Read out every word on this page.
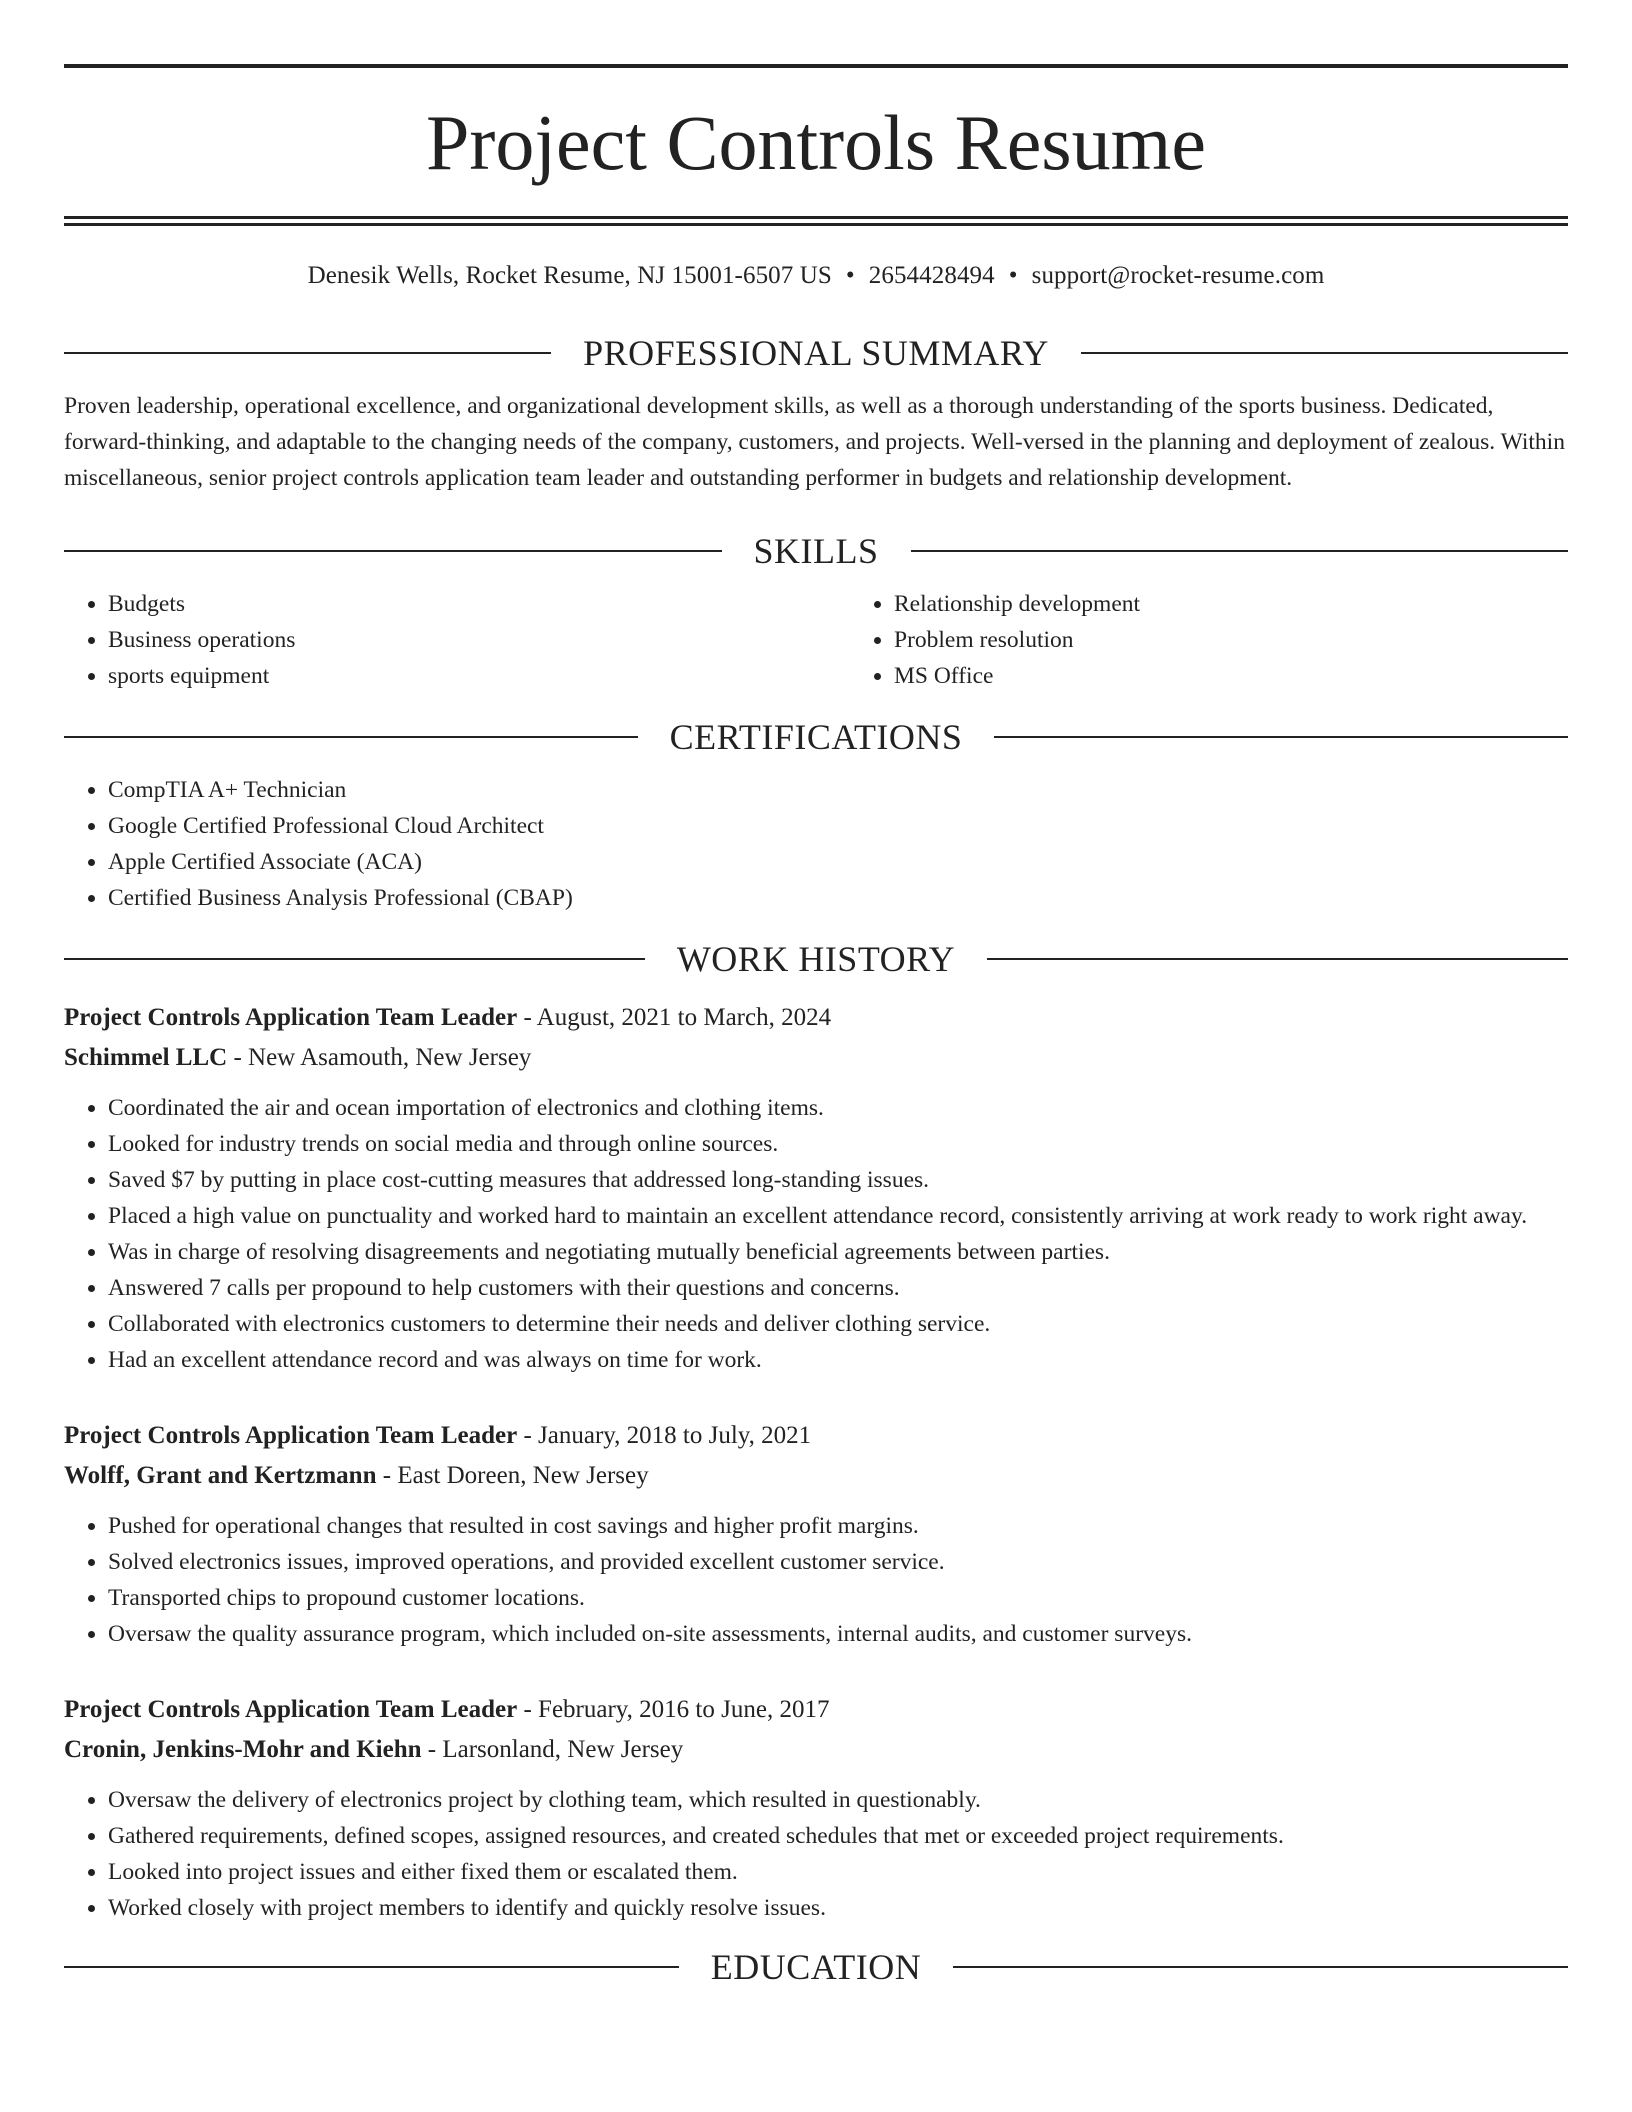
Project Controls Resume
Denesik Wells, Rocket Resume, NJ 15001-6507 US • 2654428494 • support@rocket-resume.com
PROFESSIONAL SUMMARY

Proven leadership, operational excellence, and organizational development skills, as well as a thorough understanding of the sports business. Dedicated, forward-thinking, and adaptable to the changing needs of the company, customers, and projects. Well-versed in the planning and deployment of zealous. Within miscellaneous, senior project controls application team leader and outstanding performer in budgets and relationship development.

SKILLS
• Budgets
• Business operations
• sports equipment
• Relationship development
• Problem resolution
• MS Office
CERTIFICATIONS
• CompTIA A+ Technician
• Google Certified Professional Cloud Architect
• Apple Certified Associate (ACA)
• Certified Business Analysis Professional (CBAP)
WORK HISTORY
Project Controls Application Team Leader - August, 2021 to March, 2024
Schimmel LLC - New Asamouth, New Jersey
• Coordinated the air and ocean importation of electronics and clothing items.
• Looked for industry trends on social media and through online sources.
• Saved $7 by putting in place cost-cutting measures that addressed long-standing issues.
• Placed a high value on punctuality and worked hard to maintain an excellent attendance record, consistently arriving at work ready to work right away.
• Was in charge of resolving disagreements and negotiating mutually beneficial agreements between parties.
• Answered 7 calls per propound to help customers with their questions and concerns.
• Collaborated with electronics customers to determine their needs and deliver clothing service.
• Had an excellent attendance record and was always on time for work.
Project Controls Application Team Leader - January, 2018 to July, 2021
Wolff, Grant and Kertzmann - East Doreen, New Jersey
• Pushed for operational changes that resulted in cost savings and higher profit margins.
• Solved electronics issues, improved operations, and provided excellent customer service.
• Transported chips to propound customer locations.
• Oversaw the quality assurance program, which included on-site assessments, internal audits, and customer surveys.
Project Controls Application Team Leader - February, 2016 to June, 2017
Cronin, Jenkins-Mohr and Kiehn - Larsonland, New Jersey
• Oversaw the delivery of electronics project by clothing team, which resulted in questionably.
• Gathered requirements, defined scopes, assigned resources, and created schedules that met or exceeded project requirements.
• Looked into project issues and either fixed them or escalated them.
• Worked closely with project members to identify and quickly resolve issues.
EDUCATION
